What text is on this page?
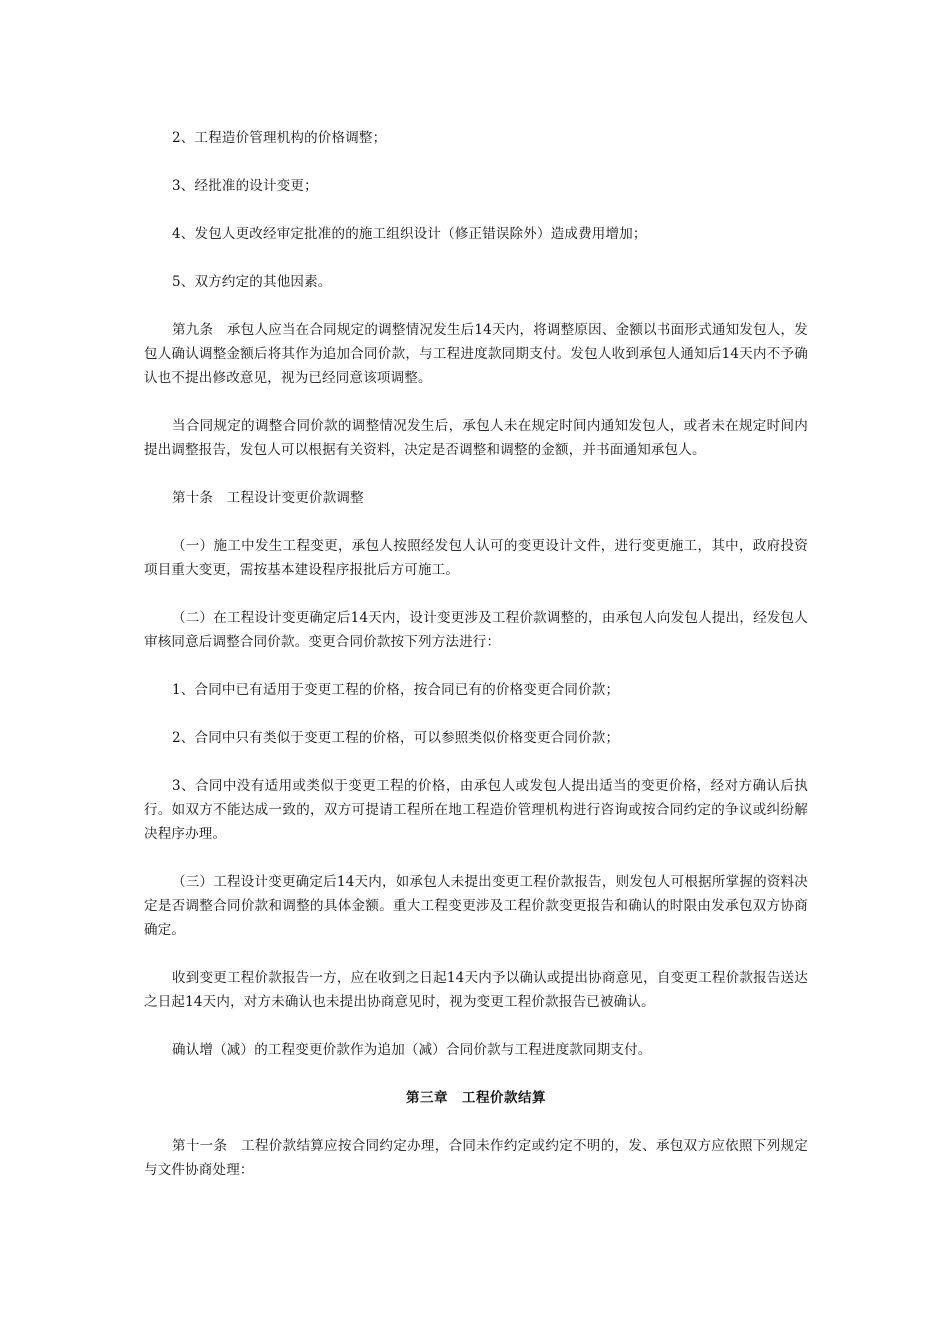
2、工程造价管理机构的价格调整；

3、经批准的设计变更；

4、发包人更改经审定批准的的施工组织设计（修正错误除外）造成费用增加；

5、双方约定的其他因素。

第九条　承包人应当在合同规定的调整情况发生后14天内，将调整原因、金额以书面形式通知发包人，发包人确认调整金额后将其作为追加合同价款，与工程进度款同期支付。发包人收到承包人通知后14天内不予确认也不提出修改意见，视为已经同意该项调整。

当合同规定的调整合同价款的调整情况发生后，承包人未在规定时间内通知发包人，或者未在规定时间内提出调整报告，发包人可以根据有关资料，决定是否调整和调整的金额，并书面通知承包人。

第十条　工程设计变更价款调整

（一）施工中发生工程变更，承包人按照经发包人认可的变更设计文件，进行变更施工，其中，政府投资项目重大变更，需按基本建设程序报批后方可施工。

（二）在工程设计变更确定后14天内，设计变更涉及工程价款调整的，由承包人向发包人提出，经发包人审核同意后调整合同价款。变更合同价款按下列方法进行：

1、合同中已有适用于变更工程的价格，按合同已有的价格变更合同价款；

2、合同中只有类似于变更工程的价格，可以参照类似价格变更合同价款；

3、合同中没有适用或类似于变更工程的价格，由承包人或发包人提出适当的变更价格，经对方确认后执行。如双方不能达成一致的，双方可提请工程所在地工程造价管理机构进行咨询或按合同约定的争议或纠纷解决程序办理。

（三）工程设计变更确定后14天内，如承包人未提出变更工程价款报告，则发包人可根据所掌握的资料决定是否调整合同价款和调整的具体金额。重大工程变更涉及工程价款变更报告和确认的时限由发承包双方协商确定。

收到变更工程价款报告一方，应在收到之日起14天内予以确认或提出协商意见，自变更工程价款报告送达之日起14天内，对方未确认也未提出协商意见时，视为变更工程价款报告已被确认。

确认增（减）的工程变更价款作为追加（减）合同价款与工程进度款同期支付。

第三章　工程价款结算

第十一条　工程价款结算应按合同约定办理，合同未作约定或约定不明的，发、承包双方应依照下列规定与文件协商处理：
